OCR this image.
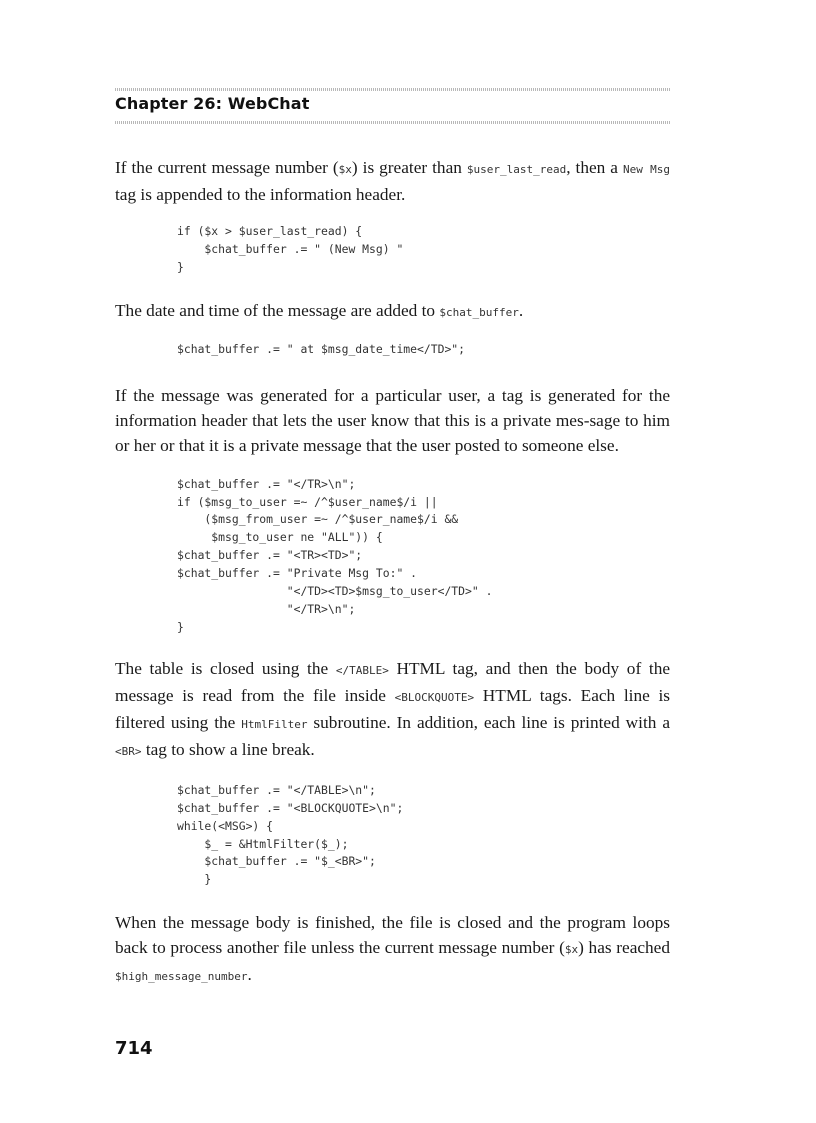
Chapter 26: WebChat

If the current message number ($x) is greater than $user_last_read, then a New Msg tag is appended to the information header.

if ($x > $user_last_read) {
$chat_buffer .= " (New Msg) "
}

The date and time of the message are added to $chat_buffer.

$chat_buffer .= " at $msg_date_time</TD>";

If the message was generated for a particular user, a tag is generated for the information header that lets the user know that this is a private mes-sage to him or her or that it is a private message that the user posted to someone else.

$chat_buffer .= "</TR>\n";
if ($msg_to_user =~ /^$user_name$/i ||
($msg_from_user =~ /^$user_name$/i &&
$msg_to_user ne "ALL")) {
$chat_buffer .= "<TR><TD>";
$chat_buffer .= "Private Msg To:" .
"</TD><TD>$msg_to_user</TD>" .
"</TR>\n";
}

The table is closed using the </TABLE> HTML tag, and then the body of the message is read from the file inside <BLOCKQUOTE> HTML tags. Each line is filtered using the HtmlFilter subroutine. In addition, each line is printed with a <BR> tag to show a line break.

$chat_buffer .= "</TABLE>\n";
$chat_buffer .= "<BLOCKQUOTE>\n";
while(<MSG>) {
$_ = &HtmlFilter($_);
$chat_buffer .= "$_<BR>";
}

When the message body is finished, the file is closed and the program loops back to process another file unless the current message number ($x) has reached $high_message_number.

714
